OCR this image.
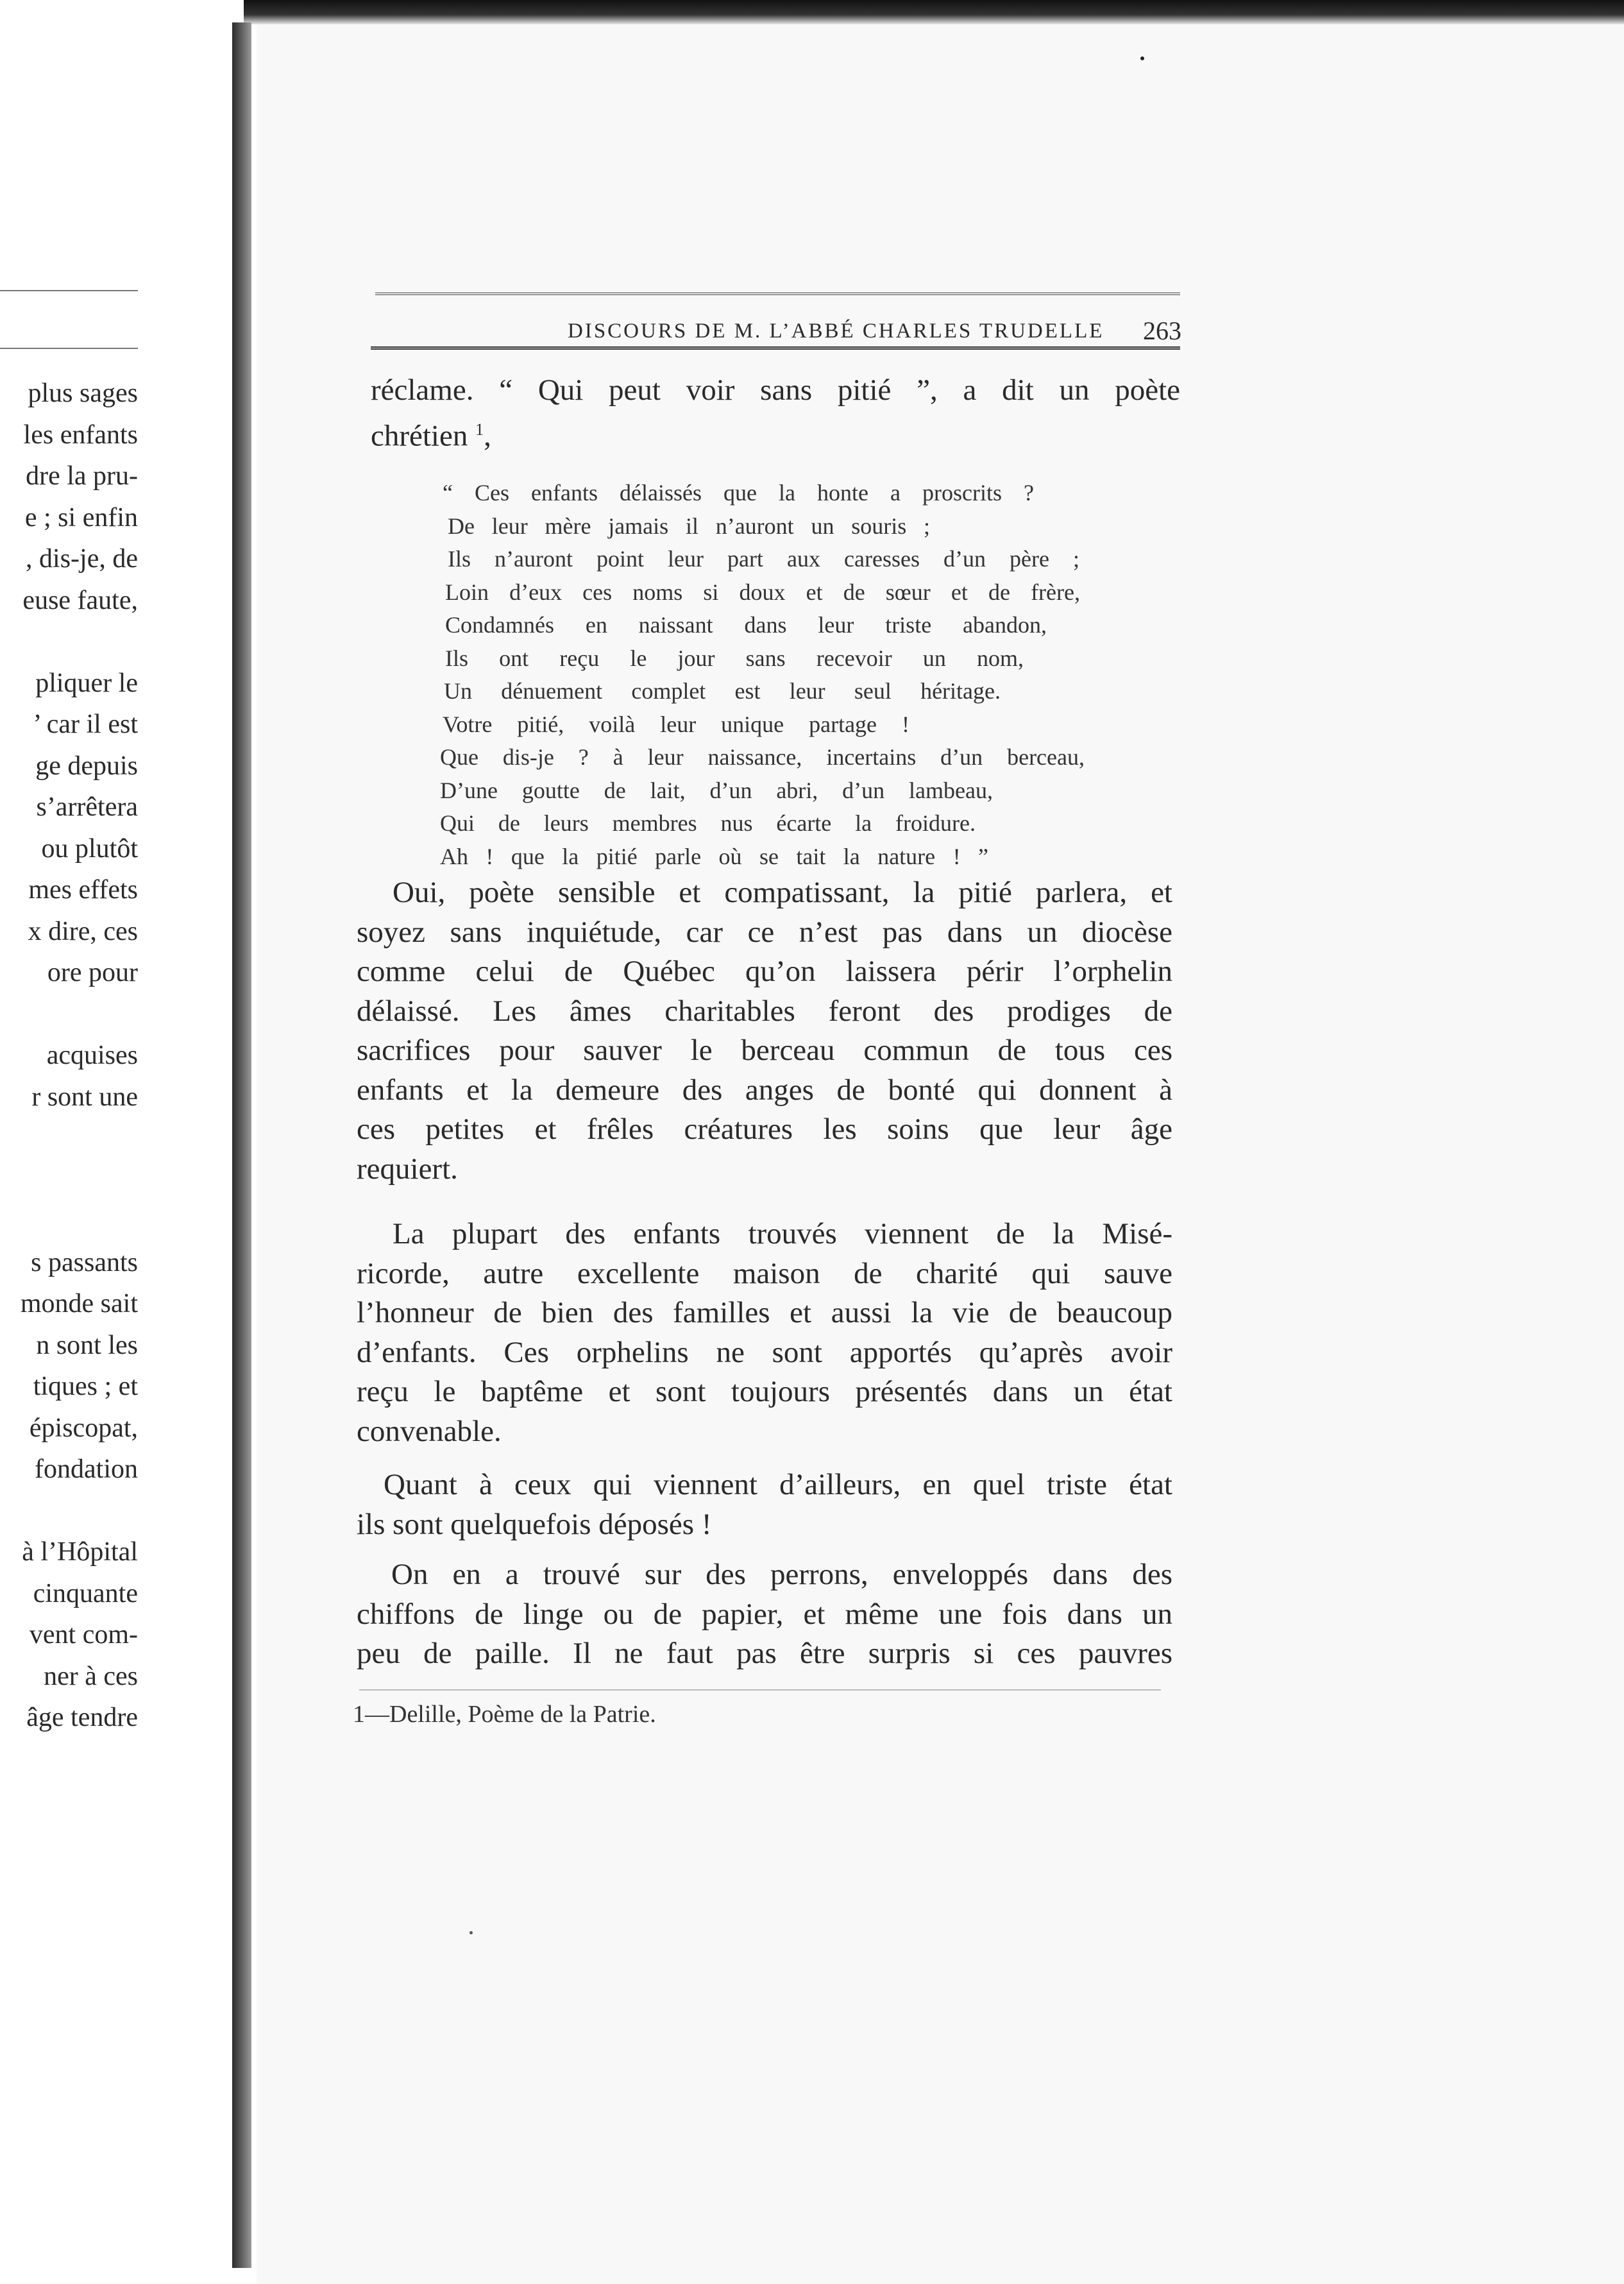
plus sages
les enfants
dre la pru-
e ; si enfin
, dis-je, de
euse faute,
pliquer le
’ car il est
ge depuis
s’arrêtera
ou plutôt
mes effets
x dire, ces
ore pour
acquises
r sont une
s passants
monde sait
n sont les
tiques ; et
épiscopat,
fondation
à l’Hôpital
cinquante
vent com-
ner à ces
âge tendre
DISCOURS DE M. L’ABBÉ CHARLES TRUDELLE 263
réclame. “ Qui peut voir sans pitié ”, a dit un poète
chrétien $^1$,
“ Ces enfants délaissés que la honte a proscrits ?
De leur mère jamais il n’auront un souris ;
Ils n’auront point leur part aux caresses d’un père ;
Loin d’eux ces noms si doux et de sœur et de frère,
Condamnés en naissant dans leur triste abandon,
Ils ont reçu le jour sans recevoir un nom,
Un dénuement complet est leur seul héritage.
Votre pitié, voilà leur unique partage !
Que dis-je ? à leur naissance, incertains d’un berceau,
D’une goutte de lait, d’un abri, d’un lambeau,
Qui de leurs membres nus écarte la froidure.
Ah ! que la pitié parle où se tait la nature ! ”
Oui, poète sensible et compatissant, la pitié parlera, et
soyez sans inquiétude, car ce n’est pas dans un diocèse
comme celui de Québec qu’on laissera périr l’orphelin
délaissé. Les âmes charitables feront des prodiges de
sacrifices pour sauver le berceau commun de tous ces
enfants et la demeure des anges de bonté qui donnent à
ces petites et frêles créatures les soins que leur âge
requiert.
La plupart des enfants trouvés viennent de la Misé-
ricorde, autre excellente maison de charité qui sauve
l’honneur de bien des familles et aussi la vie de beaucoup
d’enfants. Ces orphelins ne sont apportés qu’après avoir
reçu le baptême et sont toujours présentés dans un état
convenable.
Quant à ceux qui viennent d’ailleurs, en quel triste état
ils sont quelquefois déposés !
On en a trouvé sur des perrons, enveloppés dans des
chiffons de linge ou de papier, et même une fois dans un
peu de paille. Il ne faut pas être surpris si ces pauvres
1—Delille, Poème de la Patrie.
